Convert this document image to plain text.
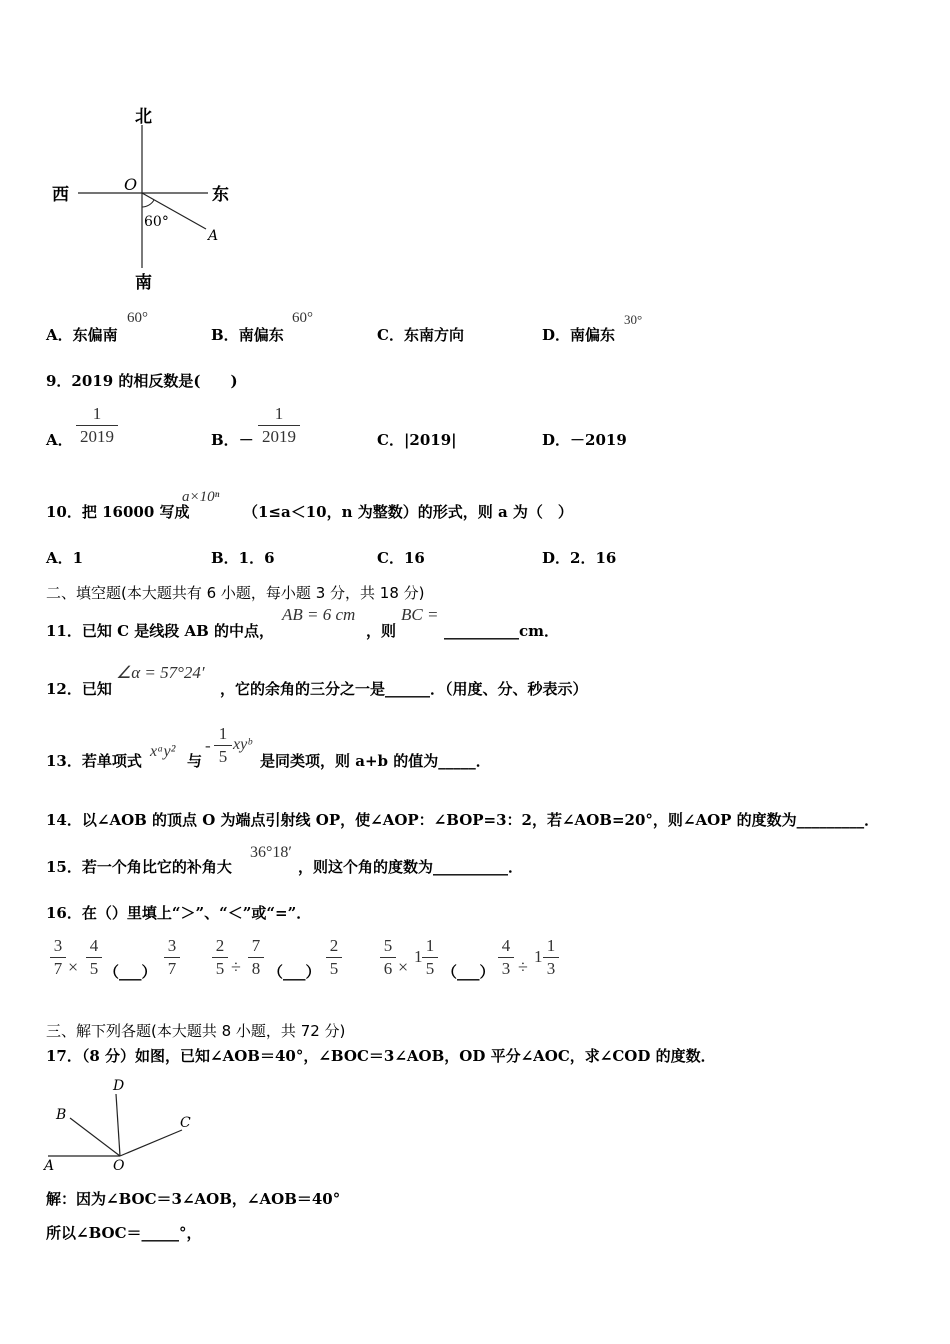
北
南
西	东
O
60°
A
A．东偏南
60°
B．南偏东
60°
C．东南方向	D．南偏东
30°
9．2019 的相反数是(　　)
A．
1
2019	B．－
1
2019	C．|2019|	D．－2019
10．把 16000 写成
a×10ⁿ
（1≤a＜10，n 为整数）的形式，则 a 为（　）
A．1	B．1．6	C．16	D．2．16
二、填空题(本大题共有 6 小题，每小题 3 分，共 18 分)
11．已知 C 是线段 AB 的中点，
AB = 6 cm
，则
BC =
__________cm．
12．已知
∠α = 57°24′
，它的余角的三分之一是______．（用度、分、秒表示）
13．若单项式
xᵃy²
与
-
1
5
xyᵇ
是同类项，则 a+b 的值为_____．
14．以∠AOB 的顶点 O 为端点引射线 OP，使∠AOP：∠BOP=3：2，若∠AOB=20°，则∠AOP 的度数为_________．
15．若一个角比它的补角大
36°18′
，则这个角的度数为__________．
16．在（）里填上“＞”、“＜”或“=”．
3
7 ×
4
5 （___）
3
7
2
5 ÷
7
8 （___）
2
5
5
6 ×
1
1
5 （___）
4
3 ÷
1
1
3
三、解下列各题(本大题共 8 小题，共 72 分)
17．（8 分）如图，已知∠AOB＝40°，∠BOC＝3∠AOB，OD 平分∠AOC，求∠COD 的度数．
A
B
D
C
O
解：因为∠BOC＝3∠AOB，∠AOB＝40°
所以∠BOC＝_____°，
